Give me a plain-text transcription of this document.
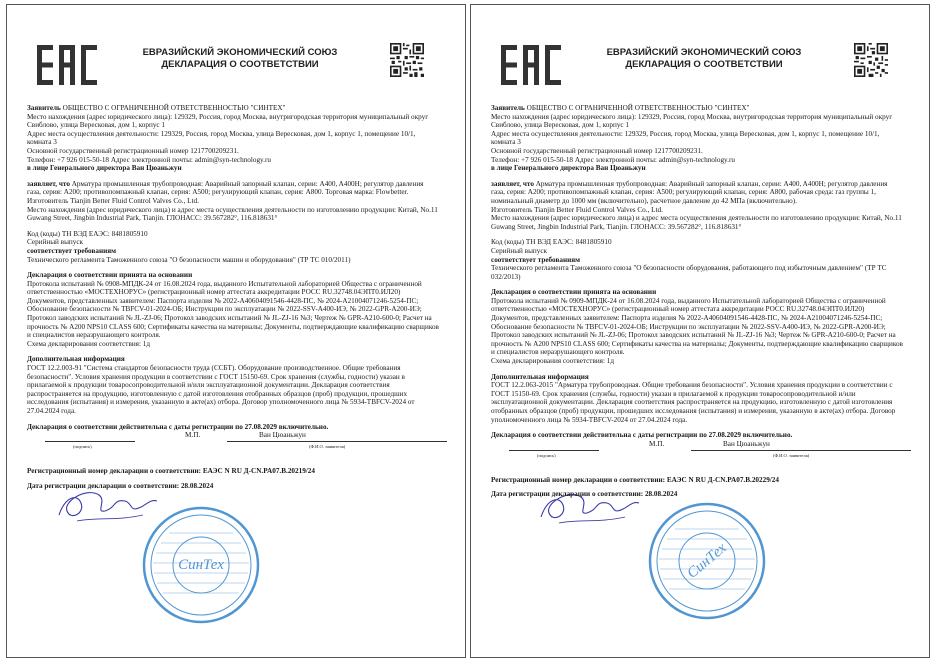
ЕВРАЗИЙСКИЙ ЭКОНОМИЧЕСКИЙ СОЮЗ
ДЕКЛАРАЦИЯ О СООТВЕТСТВИИ
СинТех

Заявитель ОБЩЕСТВО С ОГРАНИЧЕННОЙ ОТВЕТСТВЕННОСТЬЮ "СИНТЕХ"

Место нахождения (адрес юридического лица): 129329, Россия, город Москва, внутригородская территория муниципальный округ Свиблово, улица Вересковая, дом 1, корпус 1

Адрес места осуществления деятельности: 129329, Россия, город Москва, улица Вересковая, дом 1, корпус 1, помещение 10/1, комната 3

Основной государственный регистрационный номер 1217700209231.

Телефон: +7 926 015-50-18 Адрес электронной почты: admin@syn-technology.ru

в лице Генерального директора Ван Цюаньжун

заявляет, что Арматура промышленная трубопроводная: Аварийный запорный клапан, серии: A400, A400H; регулятор давления газа, серия: A200; противопомпажный клапан, серия: A500; регулирующий клапан, серия: A800. Торговая марка: Flowbetter.

Изготовитель Tianjin Better Fluid Control Valves Co., Ltd.

Место нахождения (адрес юридического лица) и адрес места осуществления деятельности по изготовлению продукции: Китай, No.11 Guwang Street, Jingbin Industrial Park, Tianjin. ГЛОНАСС: 39.567282°, 116.818631°

Код (коды) ТН ВЭД ЕАЭС: 8481805910

Серийный выпуск

соответствует требованиям

Технического регламента Таможенного союза "О безопасности машин и оборудования" (ТР ТС 010/2011)

Декларация о соответствии принята на основании

Протокола испытаний № 0908-МПДК-24 от 16.08.2024 года, выданного Испытательной лабораторией Общества с ограниченной ответственностью «МОСТЕХНОРУС» (регистрационный номер аттестата аккредитации РОСС RU.32748.04ЭПТ0.ИЛ20)

Документов, представленных заявителем: Паспорта изделия № 2022-A40604091546-4428-ПС, № 2024-A21004071246-5254-ПС; Обоснование безопасности № TBFCV-01-2024-ОБ; Инструкции по эксплуатации № 2022-SSV-A400-ИЭ, № 2022-GPR-A200-ИЭ; Протокол заводских испытаний № JL-ZJ-06; Протокол заводских испытаний № JL-ZJ-16 №3; Чертеж № GPR-A210-600-0; Расчет на прочность № A200 NPS10 CLASS 600; Сертификаты качества на материалы; Документы, подтверждающие квалификацию сварщиков и специалистов неразрушающего контроля.

Схема декларирования соответствия: 1д

Дополнительная информация

ГОСТ 12.2.003-91 "Система стандартов безопасности труда (ССБТ). Оборудование производственное. Общие требования безопасности". Условия хранения продукции в соответствии с ГОСТ 15150-69. Срок хранения (службы, годности) указан в прилагаемой к продукции товаросопроводительной и/или эксплуатационной документации. Декларация соответствия распространяется на продукцию, изготовленную с датой изготовления отобранных образцов (проб) продукции, прошедших исследования (испытания) и измерения, указанную в акте(ах) отбора. Договор уполномоченного лица № 5934-TBFCV-2024 от 27.04.2024 года.

Декларация о соответствии действительна с даты регистрации по 27.08.2029 включительно.

М.П.	Ван Цюаньжун
(подпись)	(Ф.И.О. заявителя)

Регистрационный номер декларации о соответствии: ЕАЭС N RU Д-CN.PA07.B.20219/24

Дата регистрации декларации о соответствии: 28.08.2024

ЕВРАЗИЙСКИЙ ЭКОНОМИЧЕСКИЙ СОЮЗ
ДЕКЛАРАЦИЯ О СООТВЕТСТВИИ
СинТех

Заявитель ОБЩЕСТВО С ОГРАНИЧЕННОЙ ОТВЕТСТВЕННОСТЬЮ "СИНТЕХ"

Место нахождения (адрес юридического лица): 129329, Россия, город Москва, внутригородская территория муниципальный округ Свиблово, улица Вересковая, дом 1, корпус 1

Адрес места осуществления деятельности: 129329, Россия, город Москва, улица Вересковая, дом 1, корпус 1, помещение 10/1, комната 3

Основной государственный регистрационный номер 1217700209231.

Телефон: +7 926 015-50-18 Адрес электронной почты: admin@syn-technology.ru

в лице Генерального директора Ван Цюаньжун

заявляет, что Арматура промышленная трубопроводная: Аварийный запорный клапан, серии: A400, A400H; регулятор давления газа, серия: A200; противопомпажный клапан, серия: A500; регулирующий клапан, серия: A800, рабочая среда: газ группы 1, номинальный диаметр до 1000 мм (включительно), расчетное давление до 42 МПа (включительно).

Изготовитель Tianjin Better Fluid Control Valves Co., Ltd.

Место нахождения (адрес юридического лица) и адрес места осуществления деятельности по изготовлению продукции: Китай, No.11 Guwang Street, Jingbin Industrial Park, Tianjin. ГЛОНАСС: 39.567282°, 116.818631°

Код (коды) ТН ВЭД ЕАЭС: 8481805910

Серийный выпуск

соответствует требованиям

Технического регламента Таможенного союза "О безопасности оборудования, работающего под избыточным давлением" (ТР ТС 032/2013)

Декларация о соответствии принята на основании

Протокола испытаний № 0909-МПДК-24 от 16.08.2024 года, выданного Испытательной лабораторией Общества с ограниченной ответственностью «МОСТЕХНОРУС» (регистрационный номер аттестата аккредитации РОСС RU.32748.04ЭПТ0.ИЛ20)

Документов, представленных заявителем: Паспорта изделия № 2022-A40604091546-4428-ПС, № 2024-A21004071246-5254-ПС; Обоснование безопасности № TBFCV-01-2024-ОБ; Инструкции по эксплуатации № 2022-SSV-A400-ИЭ, № 2022-GPR-A200-ИЭ; Протокол заводских испытаний № JL-ZJ-06; Протокол заводских испытаний № JL-ZJ-16 №3; Чертеж № GPR-A210-600-0; Расчет на прочность № A200 NPS10 CLASS 600; Сертификаты качества на материалы; Документы, подтверждающие квалификацию сварщиков и специалистов неразрушающего контроля.

Схема декларирования соответствия: 1д

Дополнительная информация

ГОСТ 12.2.063-2015 "Арматура трубопроводная. Общие требования безопасности". Условия хранения продукции в соответствии с ГОСТ 15150-69. Срок хранения (службы, годности) указан в прилагаемой к продукции товаросопроводительной и/или эксплуатационной документации. Декларация соответствия распространяется на продукцию, изготовленную с датой изготовления отобранных образцов (проб) продукции, прошедших исследования (испытания) и измерения, указанную в акте(ах) отбора. Договор уполномоченного лица № 5934-TBFCV-2024 от 27.04.2024 года.

Декларация о соответствии действительна с даты регистрации по 27.08.2029 включительно.

М.П.	Ван Цюаньжун
(подпись)	(Ф.И.О. заявителя)

Регистрационный номер декларации о соответствии: ЕАЭС N RU Д-CN.PA07.B.20229/24

Дата регистрации декларации о соответствии: 28.08.2024
